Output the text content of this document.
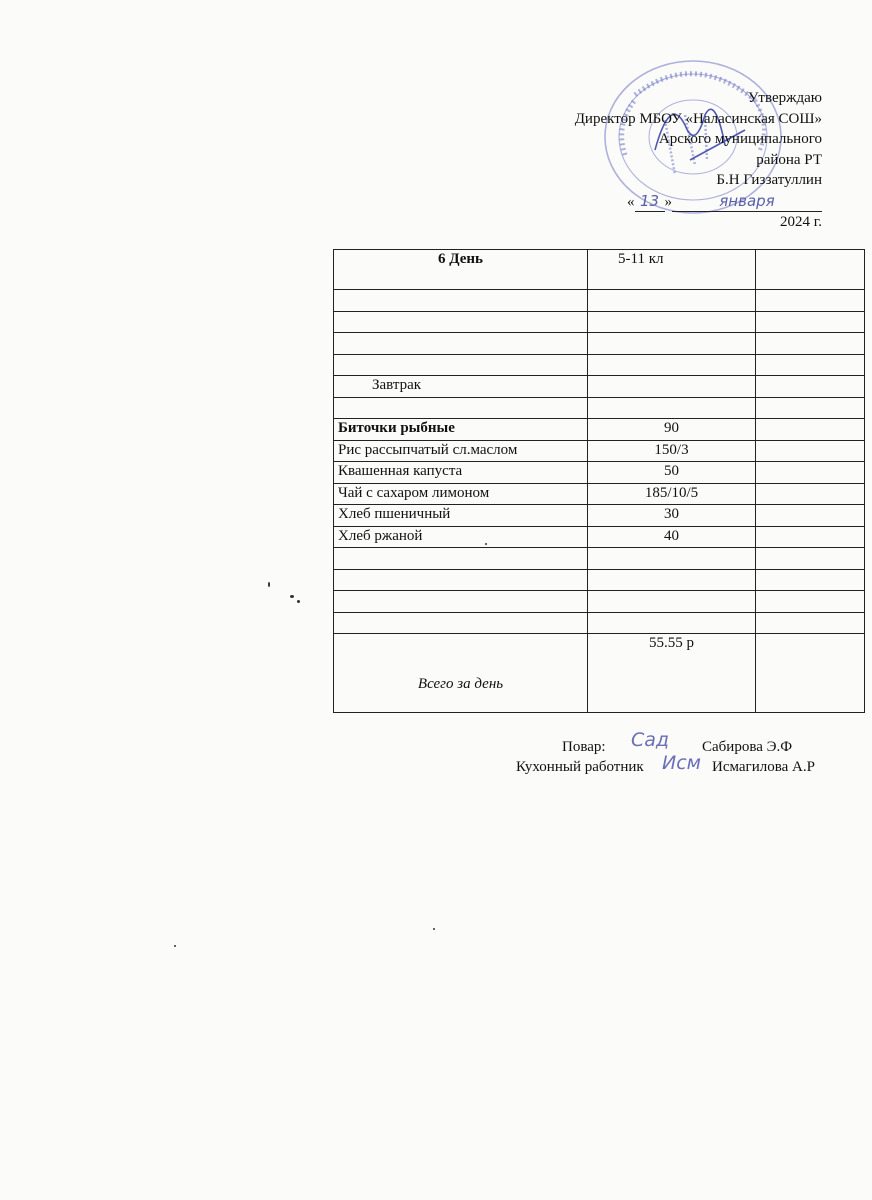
Утверждаю
Директор МБОУ «Наласинская СОШ»
Арского муниципального
района РТ
Б.Н Гиззатуллин
« 13 »	января
2024 г.
6 День	5-11 кл	

Завтрак		

Биточки рыбные	90	
Рис рассыпчатый сл.маслом	150/3	
Квашенная капуста	50	
Чай с сахаром лимоном	185/10/5	
Хлеб пшеничный	30	
Хлеб ржаной	40	

Всего за день	55.55 р	
Повар: Сад Сабирова Э.Ф
Кухонный работник Исм Исмагилова А.Р
